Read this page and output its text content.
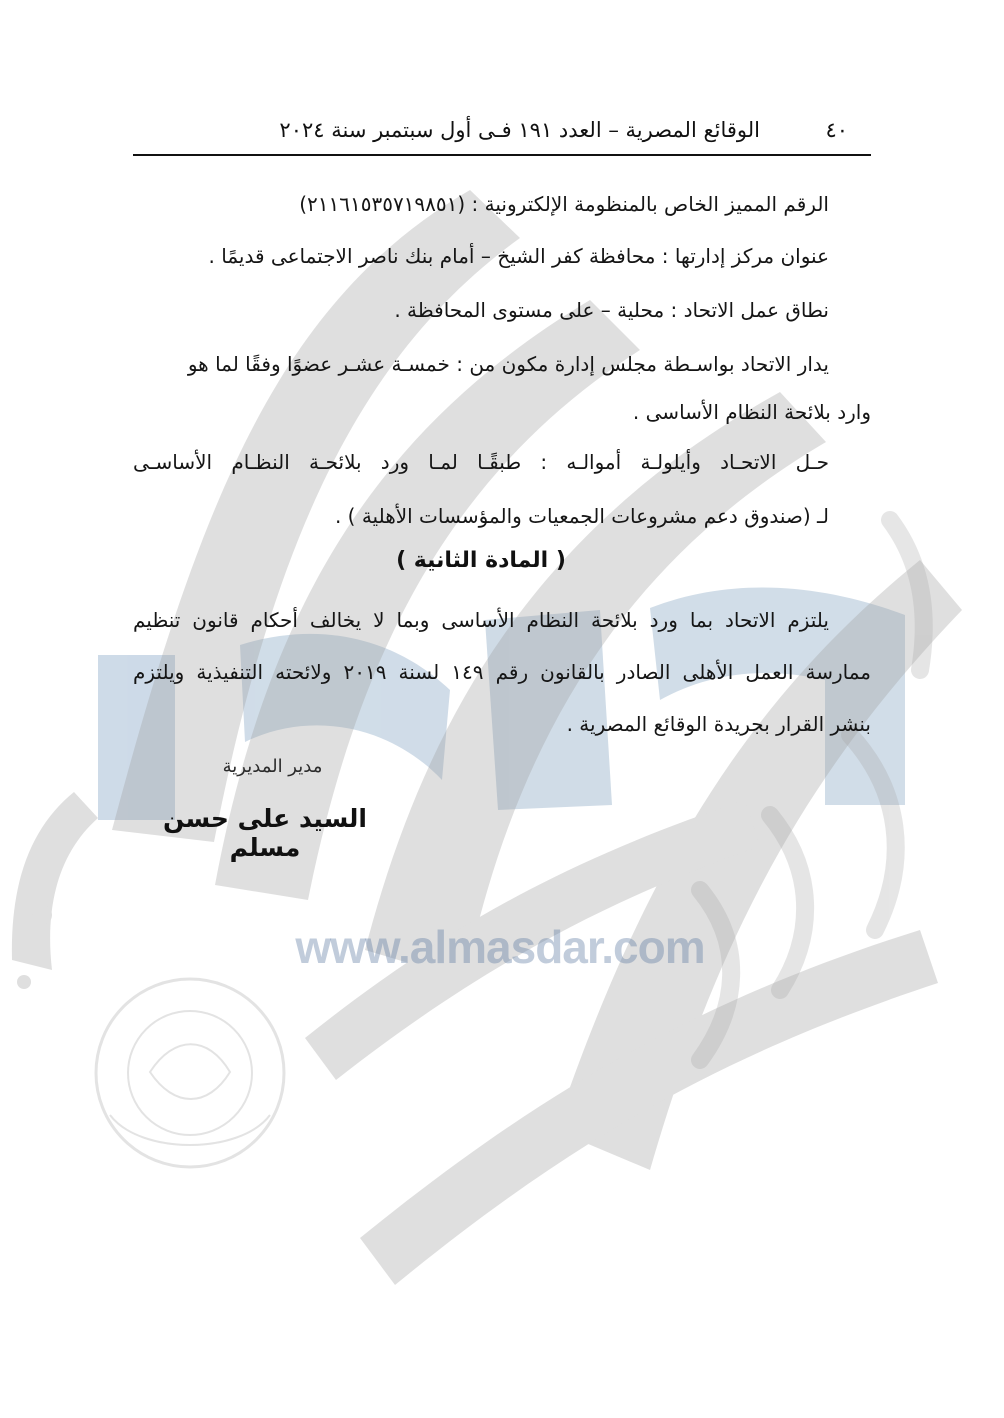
٤٠
الوقائع المصرية – العدد ١٩١ فـى أول سبتمبر سنة ٢٠٢٤
الرقم المميز الخاص بالمنظومة الإلكترونية : (٢١١٦١٥٣٥٧١٩٨٥١)
عنوان مركز إدارتها : محافظة كفر الشيخ – أمام بنك ناصر الاجتماعى قديمًا .
نطاق عمل الاتحاد : محلية – على مستوى المحافظة .
يدار الاتحاد بواسـطة مجلس إدارة مكون من : خمسـة عشـر عضوًا وفقًا لما هو
وارد بلائحة النظام الأساسى .
حـل الاتحـاد وأيلولـة أموالـه : طبقًـا لمـا ورد بلائحـة النظـام الأساسـى
لـ (صندوق دعم مشروعات الجمعيات والمؤسسات الأهلية ) .
( المادة الثانية )
يلتزم الاتحاد بما ورد بلائحة النظام الأساسى وبما لا يخالف أحكام قانون تنظيم
ممارسة العمل الأهلى الصادر بالقانون رقم ١٤٩ لسنة ٢٠١٩ ولائحته التنفيذية ويلتزم
بنشر القرار بجريدة الوقائع المصرية .
مدير المديرية
السيد على حسن مسلم
www.almasdar.com
